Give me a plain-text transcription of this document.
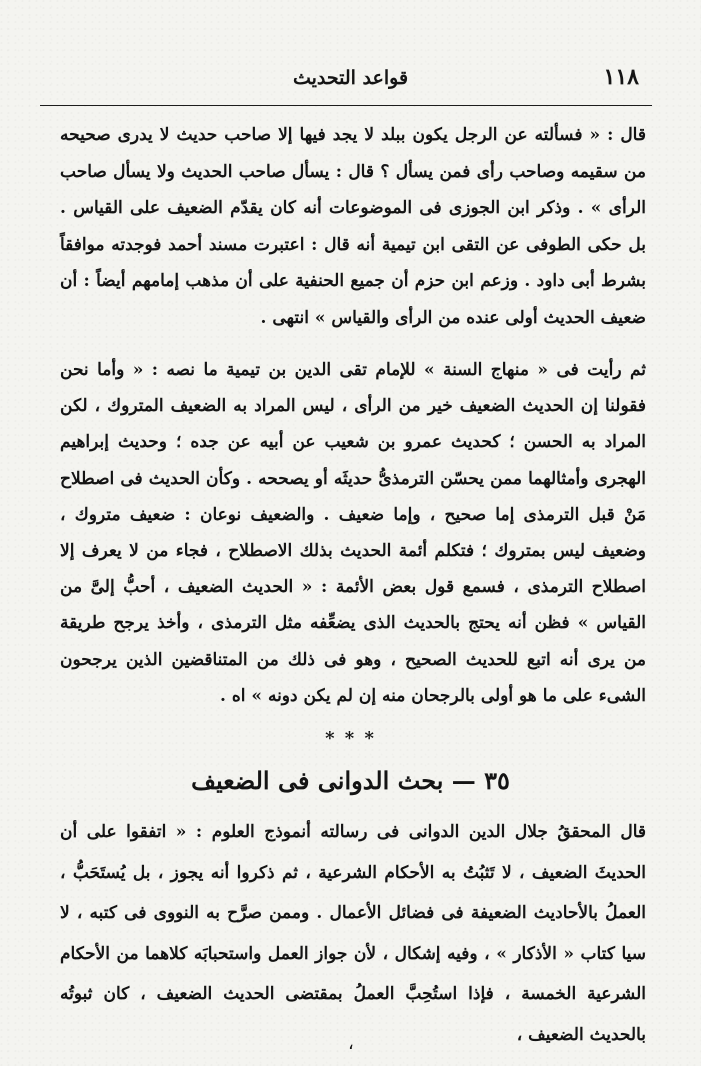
١١٨
قواعد التحديث

قال : « فسألته عن الرجل يكون ببلد لا يجد فيها إلا صاحب حديث لا يدرى صحيحه من سقيمه وصاحب رأى فمن يسأل ؟ قال : يسأل صاحب الحديث ولا يسأل صاحب الرأى » . وذكر ابن الجوزى فى الموضوعات أنه كان يقدّم الضعيف على القياس . بل حكى الطوفى عن التقى ابن تيمية أنه قال : اعتبرت مسند أحمد فوجدته موافقاً بشرط أبى داود . وزعم ابن حزم أن جميع الحنفية على أن مذهب إمامهم أيضاً : أن ضعيف الحديث أولى عنده من الرأى والقياس » انتهى .

ثم رأيت فى « منهاج السنة » للإمام تقى الدين بن تيمية ما نصه : « وأما نحن فقولنا إن الحديث الضعيف خير من الرأى ، ليس المراد به الضعيف المتروك ، لكن المراد به الحسن ؛ كحديث عمرو بن شعيب عن أبيه عن جده ؛ وحديث إبراهيم الهجرى وأمثالهما ممن يحسّن الترمذىُّ حديثَه أو يصححه . وكأن الحديث فى اصطلاح مَنْ قبل الترمذى إما صحيح ، وإما ضعيف . والضعيف نوعان : ضعيف متروك ، وضعيف ليس بمتروك ؛ فتكلم أئمة الحديث بذلك الاصطلاح ، فجاء من لا يعرف إلا اصطلاح الترمذى ، فسمع قول بعض الأئمة : « الحديث الضعيف ، أحبُّ إلىَّ من القياس » فظن أنه يحتج بالحديث الذى يضعِّفه مثل الترمذى ، وأخذ يرجح طريقة من يرى أنه اتبع للحديث الصحيح ، وهو فى ذلك من المتناقضين الذين يرجحون الشىء على ما هو أولى بالرجحان منه إن لم يكن دونه » اه .

* * *
٣٥ — بحث الدوانى فى الضعيف

قال المحققُ جلال الدين الدوانى فى رسالته أنموذج العلوم : « اتفقوا على أن الحديثَ الضعيف ، لا تَثبُتُ به الأحكام الشرعية ، ثم ذكروا أنه يجوز ، بل يُستَحَبُّ ، العملُ بالأحاديث الضعيفة فى فضائل الأعمال . وممن صرَّح به النووى فى كتبه ، لا سيا كتاب « الأذكار » ، وفيه إشكال ، لأن جواز العمل واستحبابَه كلاهما من الأحكام الشرعية الخمسة ، فإذا استُحِبَّ العملُ بمقتضى الحديث الضعيف ، كان ثبوتُه بالحديث الضعيف ،

،
